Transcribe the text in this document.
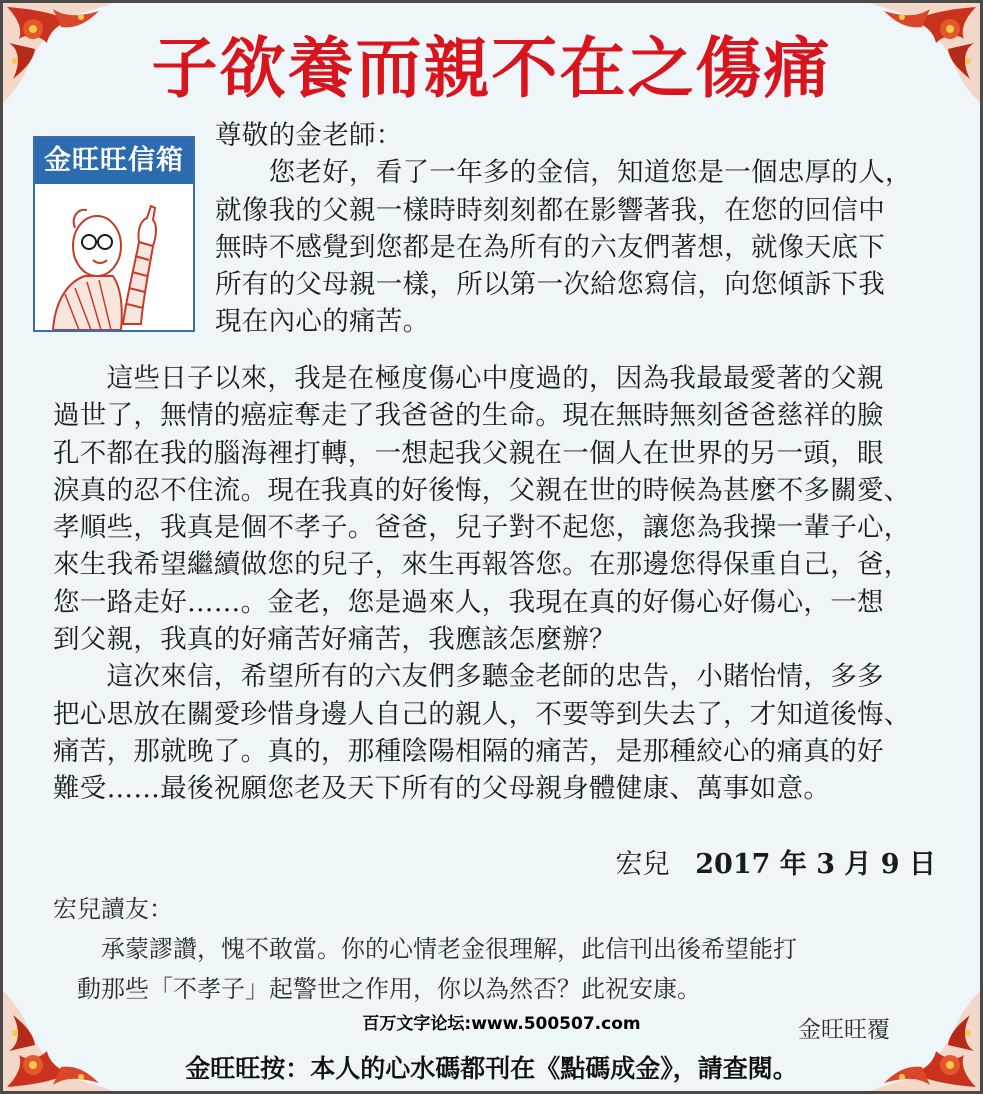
子欲養而親不在之傷痛
金旺旺信箱
尊敬的金老師：
　　您老好，看了一年多的金信，知道您是一個忠厚的人，
就像我的父親一樣時時刻刻都在影響著我，在您的回信中
無時不感覺到您都是在為所有的六友們著想，就像天底下
所有的父母親一樣，所以第一次給您寫信，向您傾訴下我
現在內心的痛苦。
　　這些日子以來，我是在極度傷心中度過的，因為我最最愛著的父親
過世了，無情的癌症奪走了我爸爸的生命。現在無時無刻爸爸慈祥的臉
孔不都在我的腦海裡打轉，一想起我父親在一個人在世界的另一頭，眼
淚真的忍不住流。現在我真的好後悔，父親在世的時候為甚麼不多關愛、
孝順些，我真是個不孝子。爸爸，兒子對不起您，讓您為我操一輩子心，
來生我希望繼續做您的兒子，來生再報答您。在那邊您得保重自己，爸，
您一路走好……。金老，您是過來人，我現在真的好傷心好傷心，一想
到父親，我真的好痛苦好痛苦，我應該怎麼辦？
　　這次來信，希望所有的六友們多聽金老師的忠告，小賭怡情，多多
把心思放在關愛珍惜身邊人自己的親人，不要等到失去了，才知道後悔、
痛苦，那就晚了。真的，那種陰陽相隔的痛苦，是那種絞心的痛真的好
難受……最後祝願您老及天下所有的父母親身體健康、萬事如意。
宏兒 2017 年 3 月 9 日
宏兒讀友：
　　承蒙謬讚，愧不敢當。你的心情老金很理解，此信刊出後希望能打
　動那些「不孝子」起警世之作用，你以為然否？此祝安康。
百万文字论坛:www.500507.com	金旺旺覆
金旺旺按：本人的心水碼都刊在《點碼成金》，請查閱。
